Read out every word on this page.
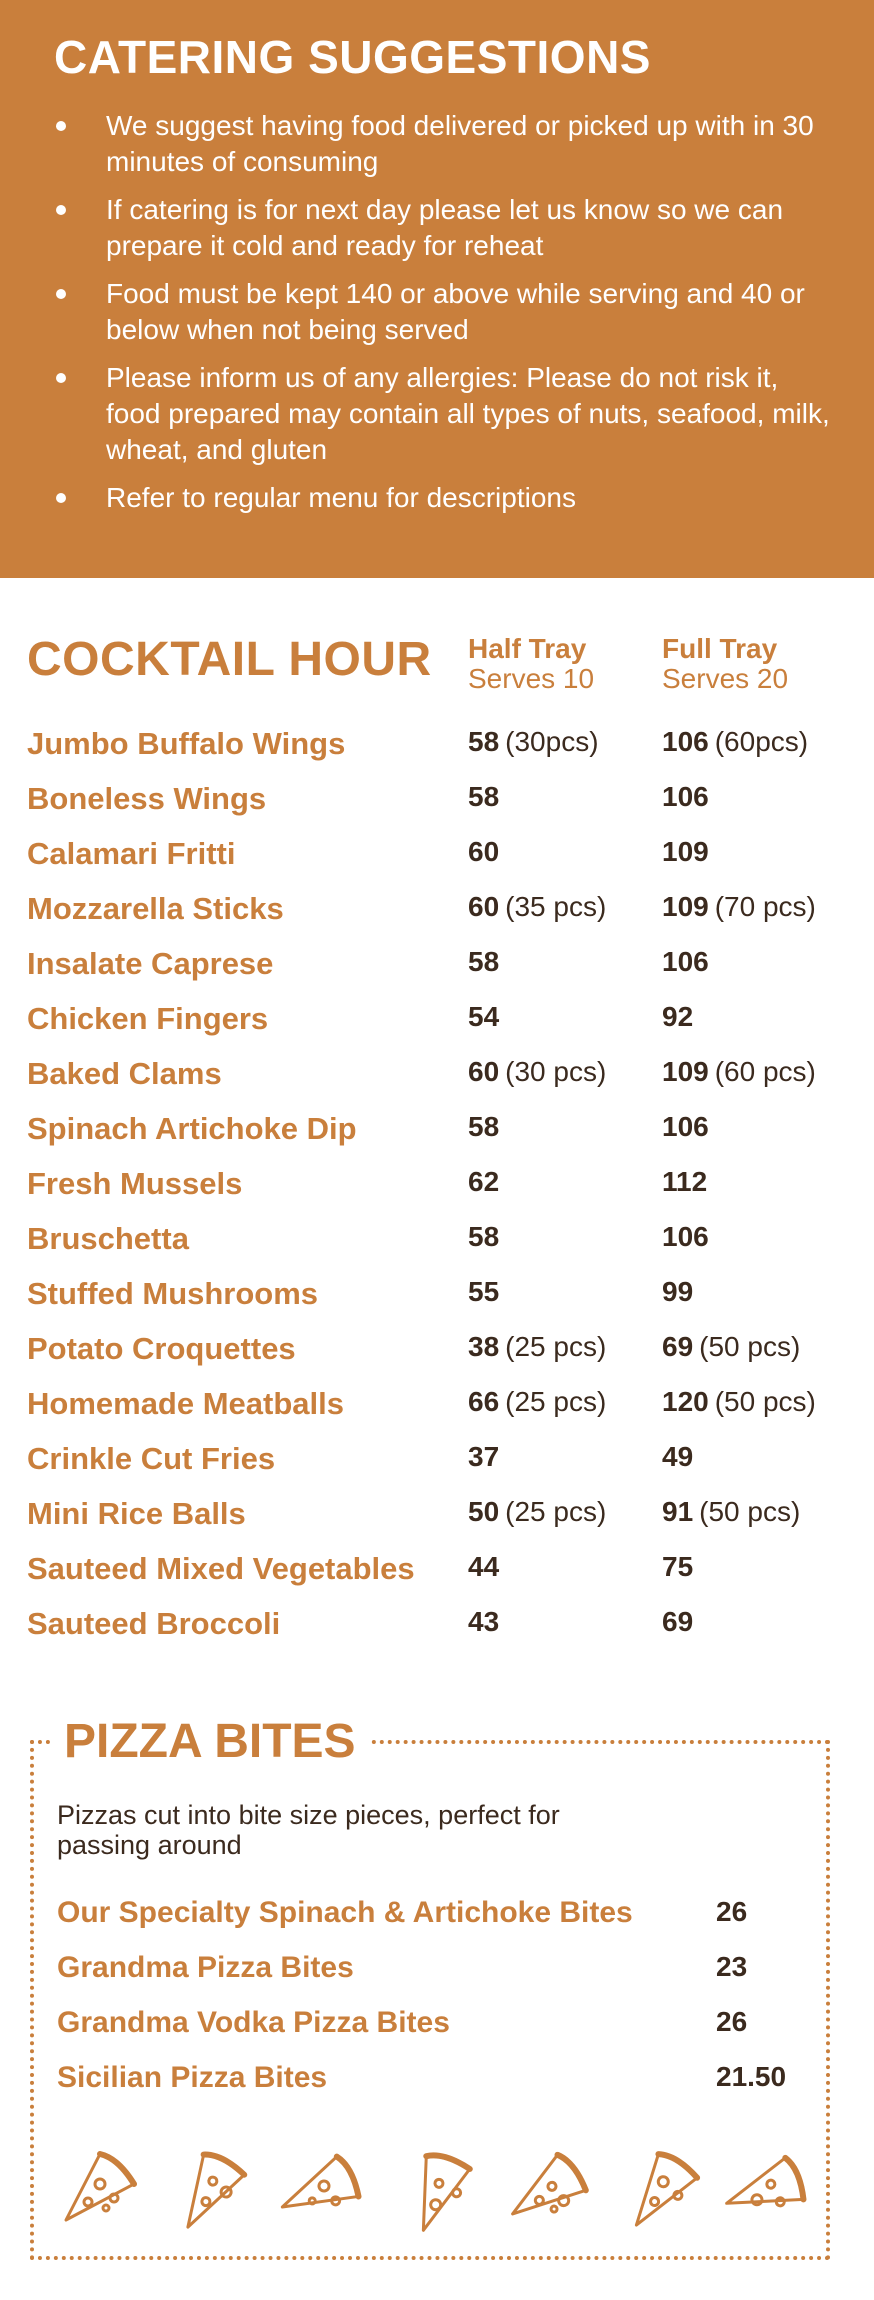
CATERING SUGGESTIONS
We suggest having food delivered or picked up with in 30 minutes of consuming
If catering is for next day please let us know so we can prepare it cold and ready for reheat
Food must be kept 140 or above while serving and 40 or below when not being served
Please inform us of any allergies: Please do not risk it, food prepared may contain all types of nuts, seafood, milk, wheat, and gluten
Refer to regular menu for descriptions
COCKTAIL HOUR Half Tray
Serves 10
Full Tray
Serves 20
Jumbo Buffalo Wings	58 (30pcs) 106 (60pcs)
Boneless Wings	58	106
Calamari Fritti	60	109
Mozzarella Sticks	60 (35 pcs) 109 (70 pcs)
Insalate Caprese	58	106
Chicken Fingers	54	92
Baked Clams	60 (30 pcs) 109 (60 pcs)
Spinach Artichoke Dip	58	106
Fresh Mussels	62	112
Bruschetta	58	106
Stuffed Mushrooms	55	99
Potato Croquettes	38 (25 pcs) 69 (50 pcs)
Homemade Meatballs	66 (25 pcs) 120 (50 pcs)
Crinkle Cut Fries	37	49
Mini Rice Balls	50 (25 pcs) 91 (50 pcs)
Sauteed Mixed Vegetables 44	75
Sauteed Broccoli	43	69
PIZZA BITES

Pizzas cut into bite size pieces, perfect for passing around

Our Specialty Spinach & Artichoke Bites	26
Grandma Pizza Bites	23
Grandma Vodka Pizza Bites	26
Sicilian Pizza Bites	21.50
